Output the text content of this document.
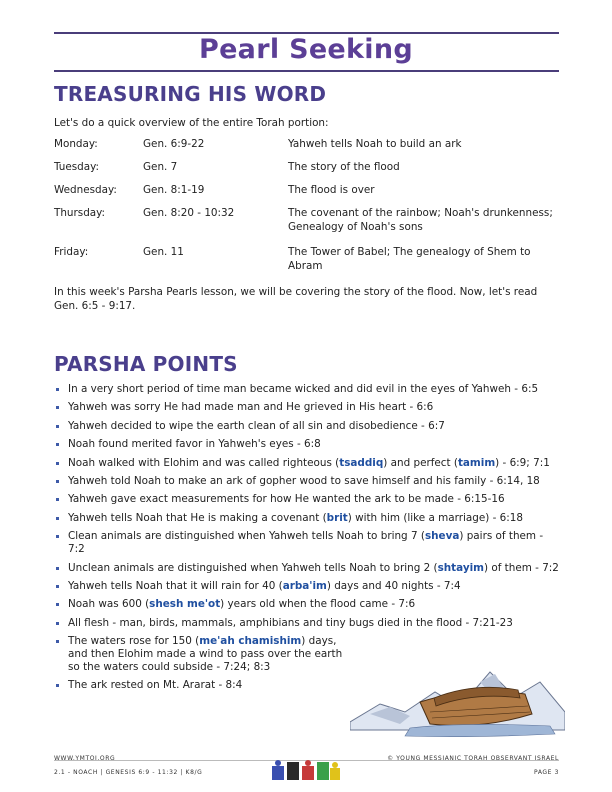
Pearl Seeking
TREASURING HIS WORD
Let's do a quick overview of the entire Torah portion:
Monday:	Gen. 6:9-22	Yahweh tells Noah to build an ark
Tuesday:	Gen. 7	The story of the flood
Wednesday:	Gen. 8:1-19	The flood is over
Thursday:	Gen. 8:20 - 10:32	The covenant of the rainbow; Noah's drunkenness; Genealogy of Noah's sons
Friday:	Gen. 11	The Tower of Babel; The genealogy of Shem to Abram
In this week's Parsha Pearls lesson, we will be covering the story of the flood. Now, let's read Gen. 6:5 - 9:17.
PARSHA POINTS
In a very short period of time man became wicked and did evil in the eyes of Yahweh - 6:5
Yahweh was sorry He had made man and He grieved in His heart - 6:6
Yahweh decided to wipe the earth clean of all sin and disobedience - 6:7
Noah found merited favor in Yahweh's eyes - 6:8
Noah walked with Elohim and was called righteous (tsaddiq) and perfect (tamim) - 6:9; 7:1
Yahweh told Noah to make an ark of gopher wood to save himself and his family - 6:14, 18
Yahweh gave exact measurements for how He wanted the ark to be made - 6:15-16
Yahweh tells Noah that He is making a covenant (brit) with him (like a marriage) - 6:18
Clean animals are distinguished when Yahweh tells Noah to bring 7 (sheva) pairs of them - 7:2
Unclean animals are distinguished when Yahweh tells Noah to bring 2 (shtayim) of them - 7:2
Yahweh tells Noah that it will rain for 40 (arba'im) days and 40 nights - 7:4
Noah was 600 (shesh me'ot) years old when the flood came - 7:6
All flesh - man, birds, mammals, amphibians and tiny bugs died in the flood - 7:21-23
The waters rose for 150 (me'ah chamishim) days, and then Elohim made a wind to pass over the earth so the waters could subside - 7:24; 8:3
The ark rested on Mt. Ararat - 8:4
WWW.YMTOI.ORG
2.1 - NOACH | GENESIS 6:9 - 11:32 | K8/G
© YOUNG MESSIANIC TORAH OBSERVANT ISRAEL
PAGE 3
